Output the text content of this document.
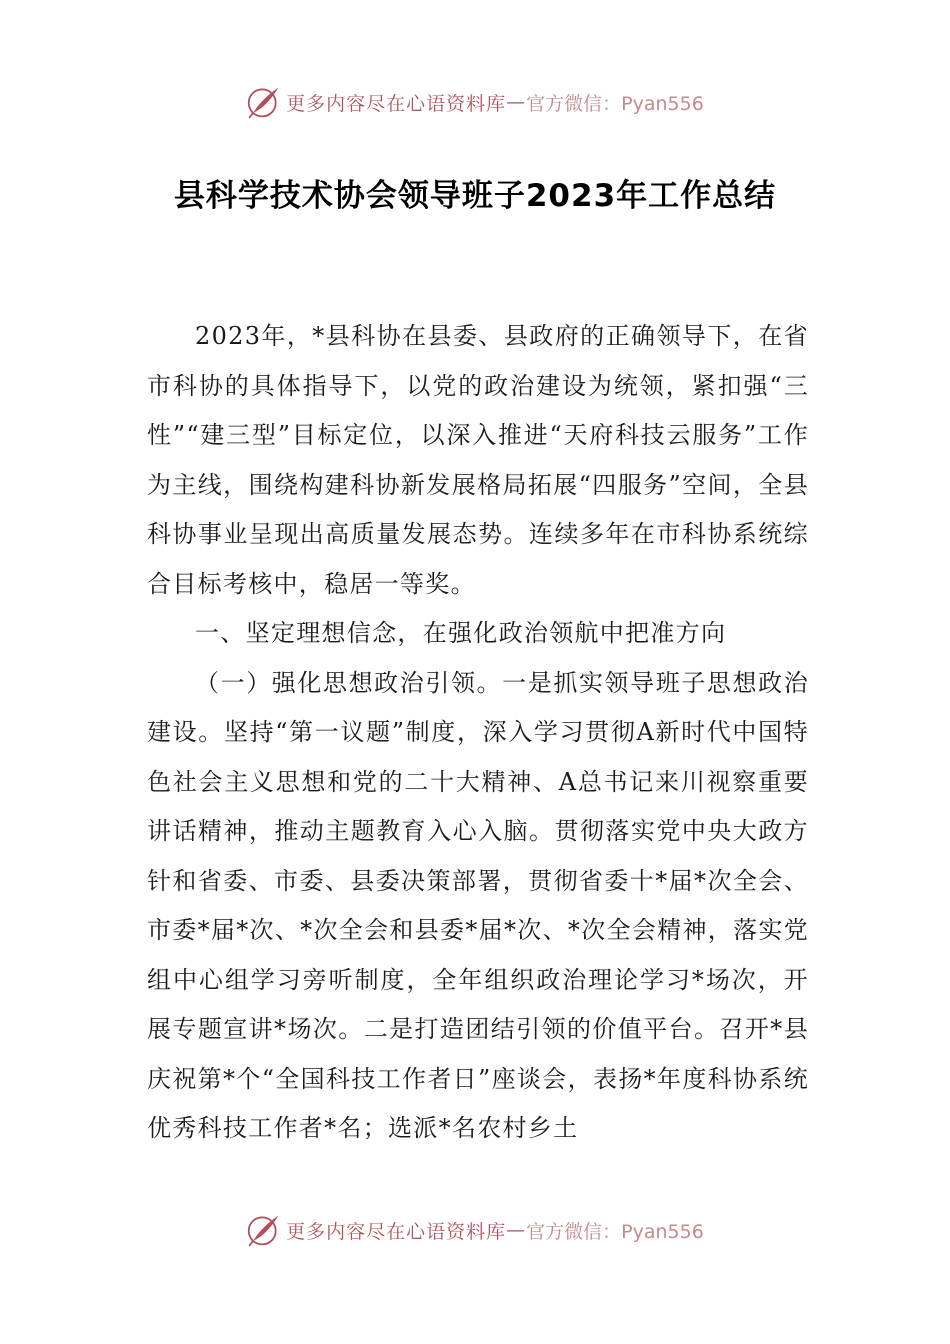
更多内容尽在心语资料库 — 官方微信：Pyan556
县科学技术协会领导班子2023年工作总结

2023年，*县科协在县委、县政府的正确领导下，在省市科协的具体指导下，以党的政治建设为统领，紧扣强“三性”“建三型”目标定位，以深入推进“天府科技云服务”工作为主线，围绕构建科协新发展格局拓展“四服务”空间，全县科协事业呈现出高质量发展态势。连续多年在市科协系统综合目标考核中，稳居一等奖。

一、坚定理想信念，在强化政治领航中把准方向

（一）强化思想政治引领。一是抓实领导班子思想政治建设。坚持“第一议题”制度，深入学习贯彻A新时代中国特色社会主义思想和党的二十大精神、A总书记来川视察重要讲话精神，推动主题教育入心入脑。贯彻落实党中央大政方针和省委、市委、县委决策部署，贯彻省委十*届*次全会、市委*届*次、*次全会和县委*届*次、*次全会精神，落实党组中心组学习旁听制度，全年组织政治理论学习*场次，开展专题宣讲*场次。二是打造团结引领的价值平台。召开*县庆祝第*个“全国科技工作者日”座谈会，表扬*年度科协系统优秀科技工作者*名；选派*名农村乡土

更多内容尽在心语资料库 — 官方微信：Pyan556
